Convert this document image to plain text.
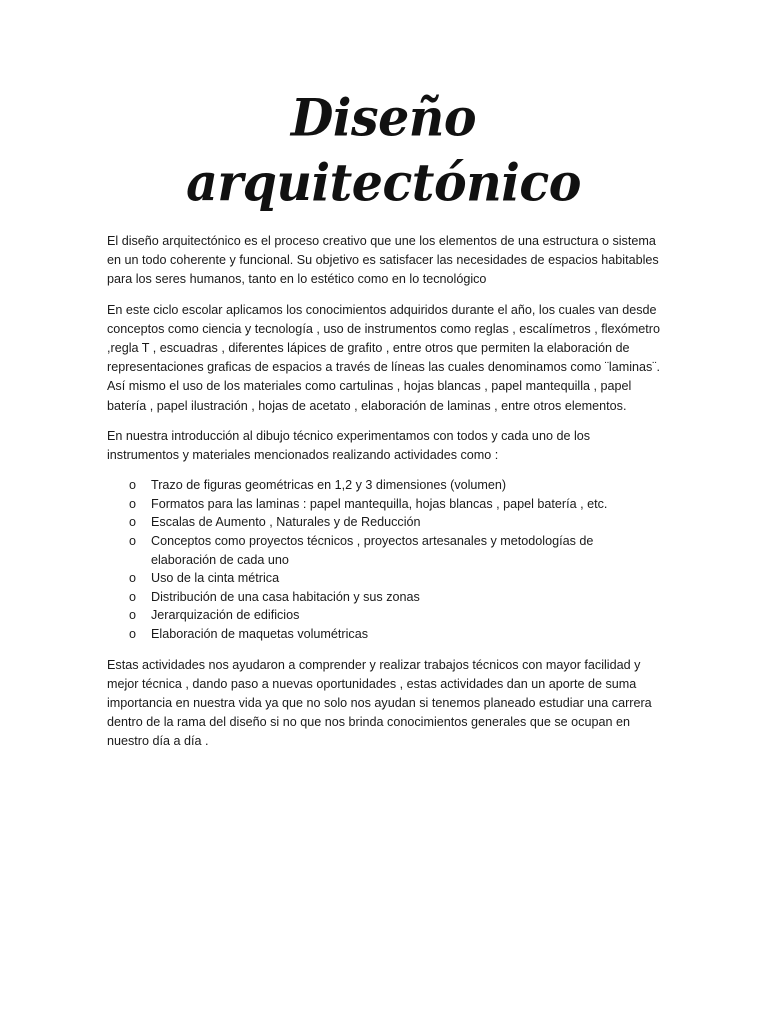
Diseño arquitectónico

El diseño arquitectónico es el proceso creativo que une los elementos de una estructura o sistema en un todo coherente y funcional. Su objetivo es satisfacer las necesidades de espacios habitables para los seres humanos, tanto en lo estético como en lo tecnológico

En este ciclo escolar aplicamos los conocimientos adquiridos durante el año, los cuales van desde conceptos como ciencia y tecnología , uso de instrumentos como reglas , escalímetros , flexómetro ,regla T , escuadras , diferentes lápices de grafito , entre otros que permiten la elaboración de representaciones graficas de espacios a través de líneas las cuales denominamos como ¨laminas¨. Así mismo el uso de los materiales como cartulinas , hojas blancas , papel mantequilla , papel batería , papel ilustración , hojas de acetato , elaboración de laminas , entre otros elementos.

En nuestra introducción al dibujo técnico experimentamos con todos y cada uno de los instrumentos y materiales mencionados realizando actividades como :

o Trazo de figuras geométricas en 1,2 y 3 dimensiones (volumen)
o Formatos para las laminas : papel mantequilla, hojas blancas , papel batería , etc.
o Escalas de Aumento , Naturales y de Reducción
o Conceptos como proyectos técnicos , proyectos artesanales y metodologías de elaboración de cada uno
o Uso de la cinta métrica
o Distribución de una casa habitación y sus zonas
o Jerarquización de edificios
o Elaboración de maquetas volumétricas

Estas actividades nos ayudaron a comprender y realizar trabajos técnicos con mayor facilidad y mejor técnica , dando paso a nuevas oportunidades , estas actividades dan un aporte de suma importancia en nuestra vida ya que no solo nos ayudan si tenemos planeado estudiar una carrera dentro de la rama del diseño si no que nos brinda conocimientos generales que se ocupan en nuestro día a día .
